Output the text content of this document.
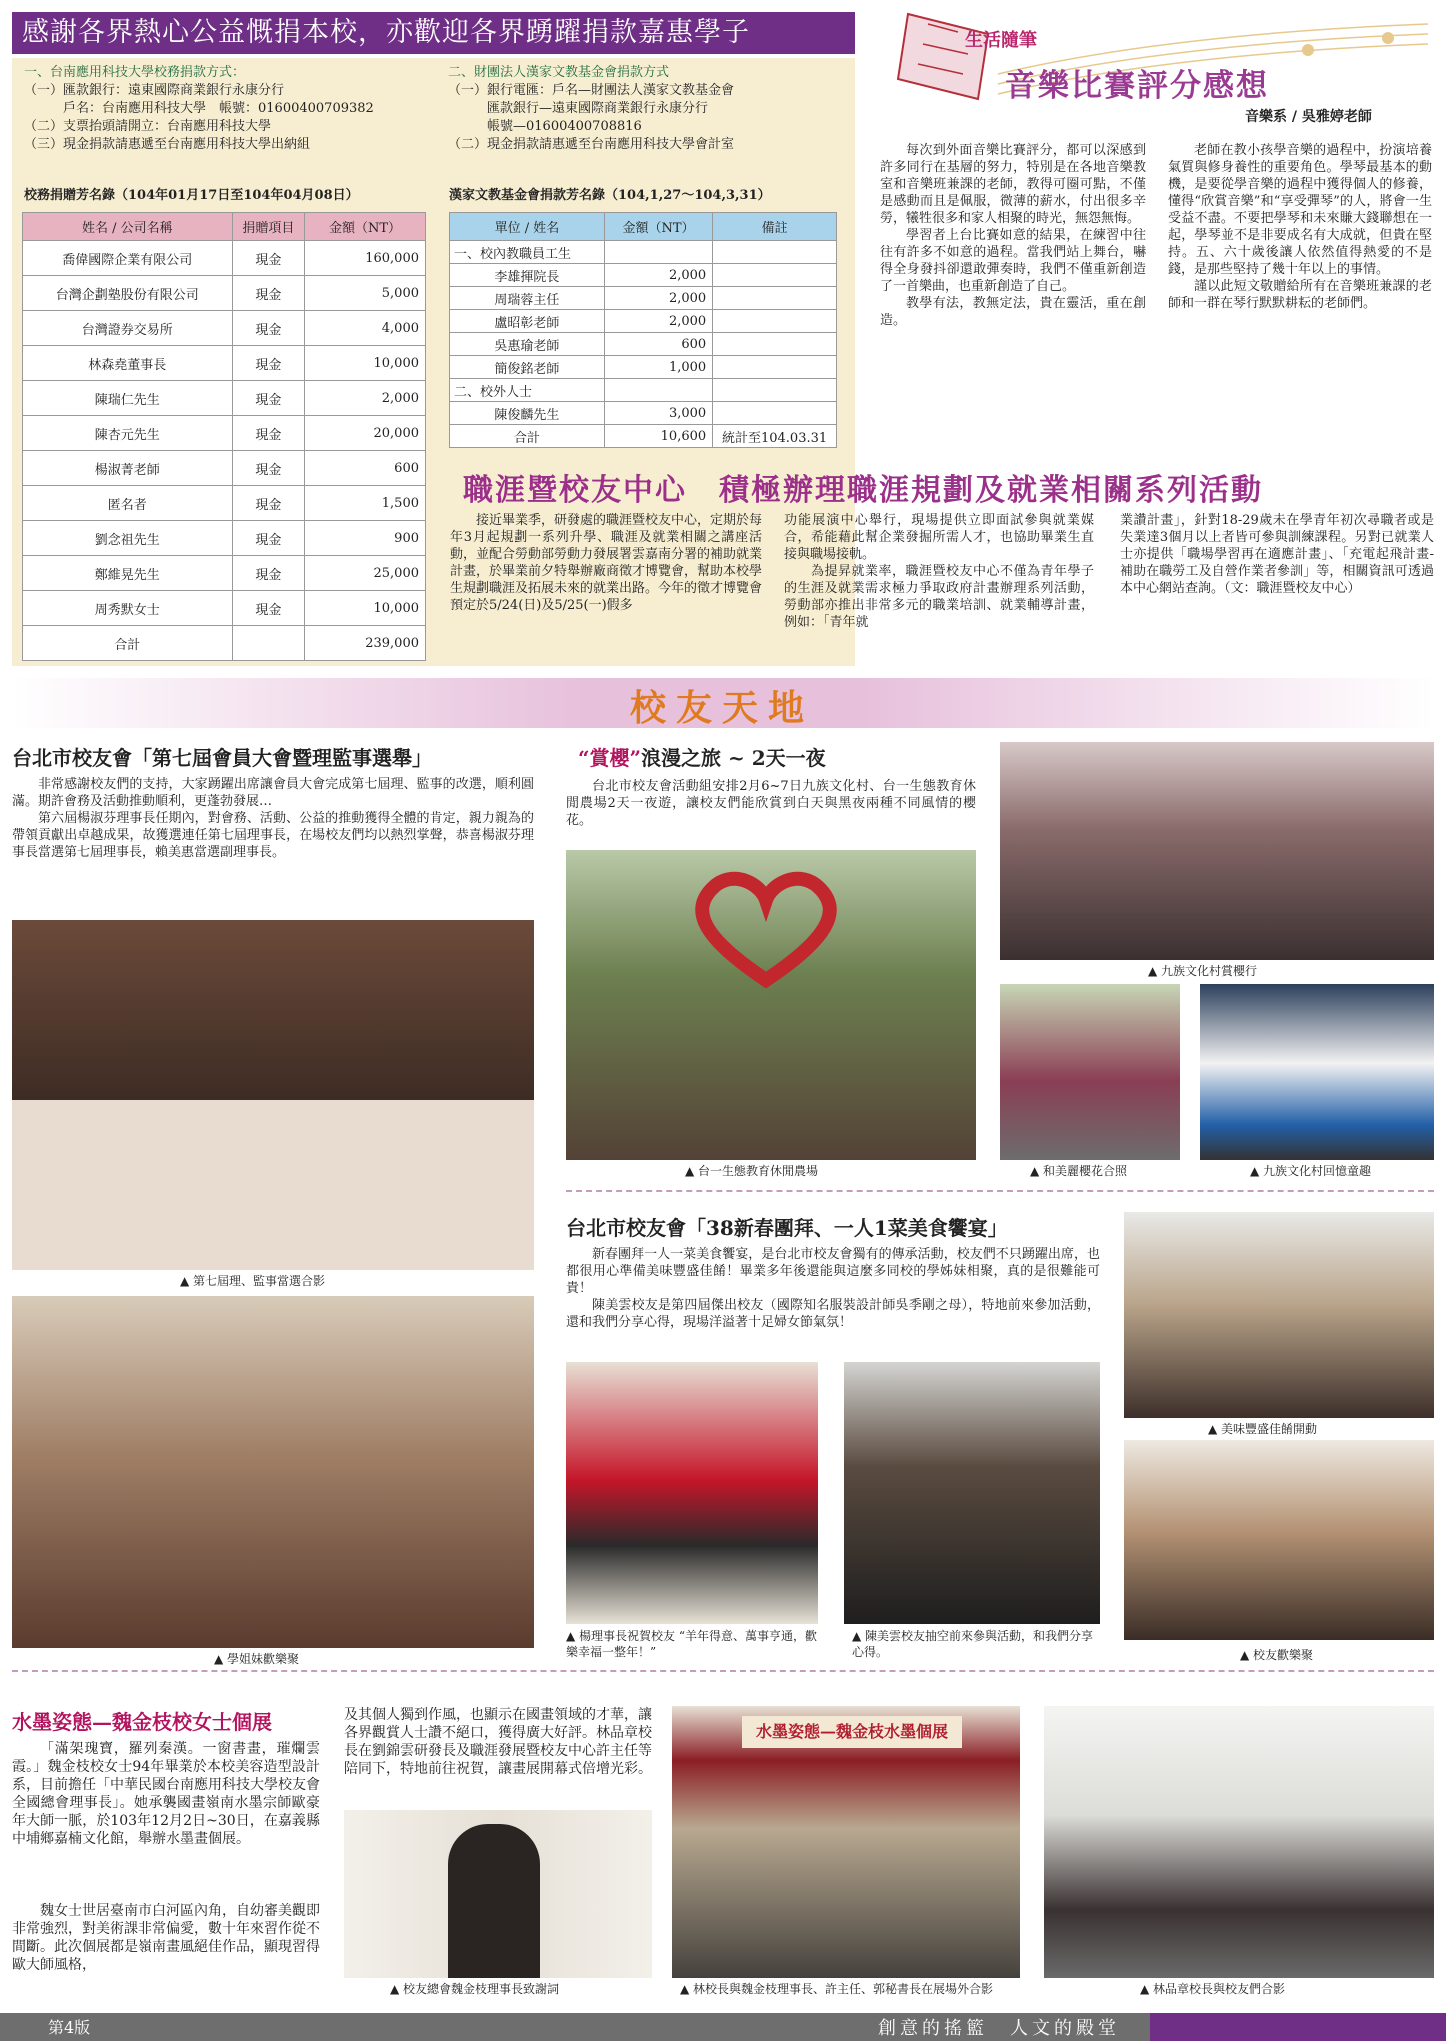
感謝各界熱心公益慨捐本校，亦歡迎各界踴躍捐款嘉惠學子
一、台南應用科技大學校務捐款方式：
（一）匯款銀行：遠東國際商業銀行永康分行
　　　戶名：台南應用科技大學　帳號：01600400709382
（二）支票抬頭請開立：台南應用科技大學
（三）現金捐款請惠遞至台南應用科技大學出納組
二、財團法人漢家文教基金會捐款方式
（一）銀行電匯：戶名—財團法人漢家文教基金會
　　　匯款銀行—遠東國際商業銀行永康分行
　　　帳號—01600400708816
（二）現金捐款請惠遞至台南應用科技大學會計室
校務捐贈芳名錄（104年01月17日至104年04月08日）	漢家文教基金會捐款芳名錄（104,1,27～104,3,31）
姓名 / 公司名稱	捐贈項目	金額（NT）
喬偉國際企業有限公司	現金	160,000
台灣企劃塾股份有限公司	現金	5,000
台灣證券交易所	現金	4,000
林森堯董事長	現金	10,000
陳瑞仁先生	現金	2,000
陳杏元先生	現金	20,000
楊淑菁老師	現金	600
匿名者	現金	1,500
劉念祖先生	現金	900
鄭維晃先生	現金	25,000
周秀默女士	現金	10,000
合計		239,000
單位 / 姓名	金額（NT）	備註
一、校內教職員工生		
李雄揮院長	2,000	
周瑞蓉主任	2,000	
盧昭彰老師	2,000	
吳惠瑜老師	600	
簡俊銘老師	1,000	
二、校外人士		
陳俊麟先生	3,000	
合計	10,600	統計至104.03.31
生活隨筆
音樂比賽評分感想
音樂系 / 吳雅婷老師

每次到外面音樂比賽評分，都可以深感到許多同行在基層的努力，特別是在各地音樂教室和音樂班兼課的老師，教得可圈可點，不僅是感動而且是佩服，微薄的薪水，付出很多辛勞，犧牲很多和家人相聚的時光，無怨無悔。

學習者上台比賽如意的結果，在練習中往往有許多不如意的過程。當我們站上舞台，嚇得全身發抖卻還敢彈奏時，我們不僅重新創造了一首樂曲，也重新創造了自己。

教學有法，教無定法，貴在靈活，重在創造。

老師在教小孩學音樂的過程中，扮演培養氣質與修身養性的重要角色。學琴最基本的動機，是要從學音樂的過程中獲得個人的修養，懂得“欣賞音樂”和“享受彈琴”的人，將會一生受益不盡。不要把學琴和未來賺大錢聯想在一起，學琴並不是非要成名有大成就，但貴在堅持。五、六十歲後讓人依然值得熱愛的不是錢，是那些堅持了幾十年以上的事情。

謹以此短文敬贈給所有在音樂班兼課的老師和一群在琴行默默耕耘的老師們。

職涯暨校友中心　積極辦理職涯規劃及就業相關系列活動
接近畢業季，研發處的職涯暨校友中心，定期於每年3月起規劃一系列升學、職涯及就業相關之講座活動，並配合勞動部勞動力發展署雲嘉南分署的補助就業計畫，於畢業前夕特舉辦廠商徵才博覽會，幫助本校學生規劃職涯及拓展未來的就業出路。今年的徵才博覽會預定於5/24(日)及5/25(一)假多
功能展演中心舉行，現場提供立即面試參與就業媒合，希能藉此幫企業發掘所需人才，也協助畢業生直接與職場接軌。
　　為提昇就業率，職涯暨校友中心不僅為青年學子的生涯及就業需求極力爭取政府計畫辦理系列活動，勞動部亦推出非常多元的職業培訓、就業輔導計畫，例如：「青年就
業讚計畫」，針對18-29歲未在學青年初次尋職者或是失業達3個月以上者皆可參與訓練課程。另對已就業人士亦提供「職場學習再在適應計畫」、「充電起飛計畫-補助在職勞工及自營作業者參訓」等，相關資訊可透過本中心網站查詢。（文：職涯暨校友中心）
校友天地
台北市校友會「第七屆會員大會暨理監事選舉」

非常感謝校友們的支持，大家踴躍出席讓會員大會完成第七屆理、監事的改選，順利圓滿。期許會務及活動推動順利，更蓬勃發展…

第六屆楊淑芬理事長任期內，對會務、活動、公益的推動獲得全體的肯定，親力親為的帶領貢獻出卓越成果，故獲選連任第七屆理事長，在場校友們均以熱烈掌聲，恭喜楊淑芬理事長當選第七屆理事長，賴美惠當選副理事長。

▲ 第七屆理、監事當選合影
▲ 學姐妹歡樂聚
“賞櫻”浪漫之旅 ~ 2天一夜
台北市校友會活動組安排2月6~7日九族文化村、台一生態教育休閒農場2天一夜遊，讓校友們能欣賞到白天與黑夜兩種不同風情的櫻花。
▲ 台一生態教育休閒農場
▲ 九族文化村賞櫻行
▲ 和美麗櫻花合照	▲ 九族文化村回憶童趣
台北市校友會「38新春團拜、一人1菜美食饗宴」

新春團拜一人一菜美食饗宴，是台北市校友會獨有的傳承活動，校友們不只踴躍出席，也都很用心準備美味豐盛佳餚！畢業多年後還能與這麼多同校的學姊妹相聚，真的是很難能可貴！

陳美雲校友是第四屆傑出校友（國際知名服裝設計師吳季剛之母），特地前來參加活動，還和我們分享心得，現場洋溢著十足婦女節氣氛！

▲ 美味豐盛佳餚開動
▲ 楊理事長祝賀校友 “羊年得意、萬事亨通，歡樂幸福一整年！”
▲ 陳美雲校友抽空前來參與活動，和我們分享心得。	▲ 校友歡樂聚
水墨姿態—魏金枝校女士個展
「滿架瑰寶，羅列秦漢。一窗書畫，璀爛雲霞。」魏金枝校女士94年畢業於本校美容造型設計系，目前擔任「中華民國台南應用科技大學校友會全國總會理事長」。她承襲國畫嶺南水墨宗師歐豪年大師一脈，於103年12月2日~30日，在嘉義縣中埔鄉嘉楠文化館，舉辦水墨畫個展。
魏女士世居臺南市白河區內角，自幼審美觀即非常強烈，對美術課非常偏愛，數十年來習作從不間斷。此次個展都是嶺南畫風絕佳作品，顯現習得歐大師風格，
及其個人獨到作風，也顯示在國畫領域的才華，讓各界觀賞人士讚不絕口，獲得廣大好評。林品章校長在劉錦雲研發長及職涯發展暨校友中心許主任等陪同下，特地前往祝賀，讓畫展開幕式倍增光彩。
▲ 校友總會魏金枝理事長致謝詞
水墨姿態—魏金枝水墨個展
▲ 林校長與魏金枝理事長、許主任、郭秘書長在展場外合影	▲ 林品章校長與校友們合影
第4版	創意的搖籃　人文的殿堂
